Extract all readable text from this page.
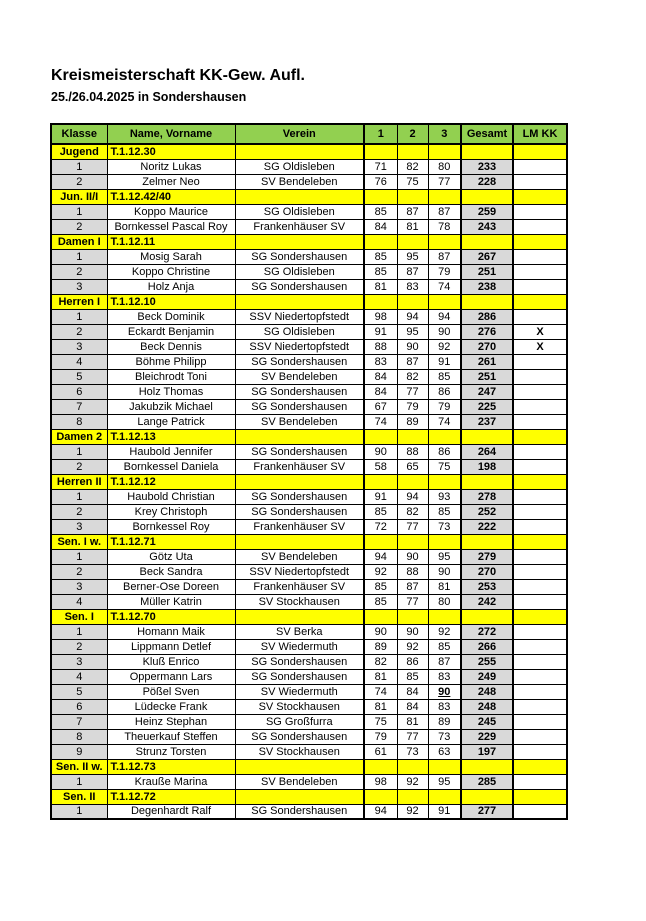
Kreismeisterschaft KK-Gew. Aufl.
25./26.04.2025 in Sondershausen
Klasse	Name, Vorname	Verein	1	2	3	Gesamt	LM KK
Jugend	T.1.12.30						
1	Noritz Lukas	SG Oldisleben	71	82	80	233	
2	Zelmer Neo	SV Bendeleben	76	75	77	228	
Jun. II/I	T.1.12.42/40						
1	Koppo Maurice	SG Oldisleben	85	87	87	259	
2	Bornkessel Pascal Roy	Frankenhäuser SV	84	81	78	243	
Damen I	T.1.12.11						
1	Mosig Sarah	SG Sondershausen	85	95	87	267	
2	Koppo Christine	SG Oldisleben	85	87	79	251	
3	Holz Anja	SG Sondershausen	81	83	74	238	
Herren I	T.1.12.10						
1	Beck Dominik	SSV Niedertopfstedt	98	94	94	286	
2	Eckardt Benjamin	SG Oldisleben	91	95	90	276	X
3	Beck Dennis	SSV Niedertopfstedt	88	90	92	270	X
4	Böhme Philipp	SG Sondershausen	83	87	91	261	
5	Bleichrodt Toni	SV Bendeleben	84	82	85	251	
6	Holz Thomas	SG Sondershausen	84	77	86	247	
7	Jakubzik Michael	SG Sondershausen	67	79	79	225	
8	Lange Patrick	SV Bendeleben	74	89	74	237	
Damen 2	T.1.12.13						
1	Haubold Jennifer	SG Sondershausen	90	88	86	264	
2	Bornkessel Daniela	Frankenhäuser SV	58	65	75	198	
Herren II	T.1.12.12						
1	Haubold Christian	SG Sondershausen	91	94	93	278	
2	Krey Christoph	SG Sondershausen	85	82	85	252	
3	Bornkessel Roy	Frankenhäuser SV	72	77	73	222	
Sen. I w.	T.1.12.71						
1	Götz Uta	SV Bendeleben	94	90	95	279	
2	Beck Sandra	SSV Niedertopfstedt	92	88	90	270	
3	Berner-Ose Doreen	Frankenhäuser SV	85	87	81	253	
4	Müller Katrin	SV Stockhausen	85	77	80	242	
Sen. I	T.1.12.70						
1	Homann Maik	SV Berka	90	90	92	272	
2	Lippmann Detlef	SV Wiedermuth	89	92	85	266	
3	Kluß Enrico	SG Sondershausen	82	86	87	255	
4	Oppermann Lars	SG Sondershausen	81	85	83	249	
5	Pößel Sven	SV Wiedermuth	74	84	90	248	
6	Lüdecke Frank	SV Stockhausen	81	84	83	248	
7	Heinz Stephan	SG Großfurra	75	81	89	245	
8	Theuerkauf Steffen	SG Sondershausen	79	77	73	229	
9	Strunz Torsten	SV Stockhausen	61	73	63	197	
Sen. II w.	T.1.12.73						
1	Krauße Marina	SV Bendeleben	98	92	95	285	
Sen. II	T.1.12.72						
1	Degenhardt Ralf	SG Sondershausen	94	92	91	277	
